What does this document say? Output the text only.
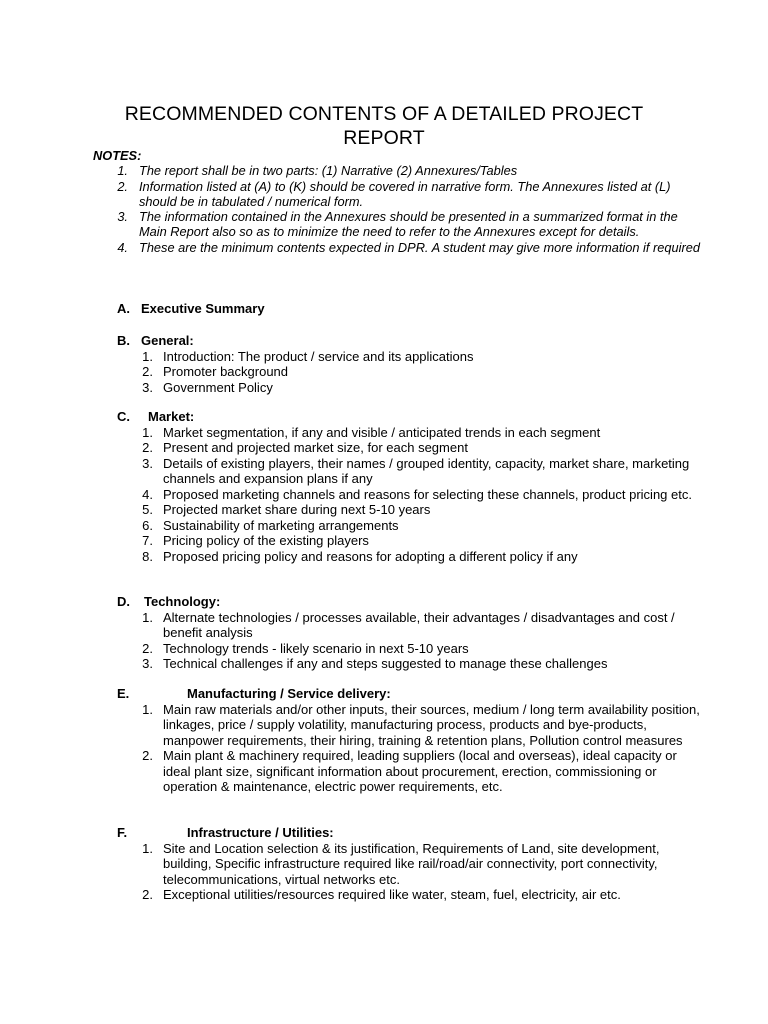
RECOMMENDED CONTENTS OF A DETAILED PROJECT REPORT
NOTES:
1. The report shall be in two parts: (1) Narrative (2) Annexures/Tables
2. Information listed at (A) to (K) should be covered in narrative form. The Annexures listed at (L) should be in tabulated / numerical form.
3. The information contained in the Annexures should be presented in a summarized format in the Main Report also so as to minimize the need to refer to the Annexures except for details.
4. These are the minimum contents expected in DPR. A student may give more information if required
A. Executive Summary
B. General:
1. Introduction: The product / service and its applications
2. Promoter background
3. Government Policy
C. Market:
1. Market segmentation, if any and visible / anticipated trends in each segment
2. Present and projected market size, for each segment
3. Details of existing players, their names / grouped identity, capacity, market share, marketing channels and expansion plans if any
4. Proposed marketing channels and reasons for selecting these channels, product pricing etc.
5. Projected market share during next 5-10 years
6. Sustainability of marketing arrangements
7. Pricing policy of the existing players
8. Proposed pricing policy and reasons for adopting a different policy if any
D. Technology:
1. Alternate technologies / processes available, their advantages / disadvantages and cost / benefit analysis
2. Technology trends - likely scenario in next 5-10 years
3. Technical challenges if any and steps suggested to manage these challenges
E.	Manufacturing / Service delivery:
1. Main raw materials and/or other inputs, their sources, medium / long term availability position, linkages, price / supply volatility, manufacturing process, products and bye-products, manpower requirements, their hiring, training & retention plans, Pollution control measures
2. Main plant & machinery required, leading suppliers (local and overseas), ideal capacity or ideal plant size, significant information about procurement, erection, commissioning or operation & maintenance, electric power requirements, etc.
F.	Infrastructure / Utilities:
1. Site and Location selection & its justification, Requirements of Land, site development, building, Specific infrastructure required like rail/road/air connectivity, port connectivity, telecommunications, virtual networks etc.
2. Exceptional utilities/resources required like water, steam, fuel, electricity, air etc.
